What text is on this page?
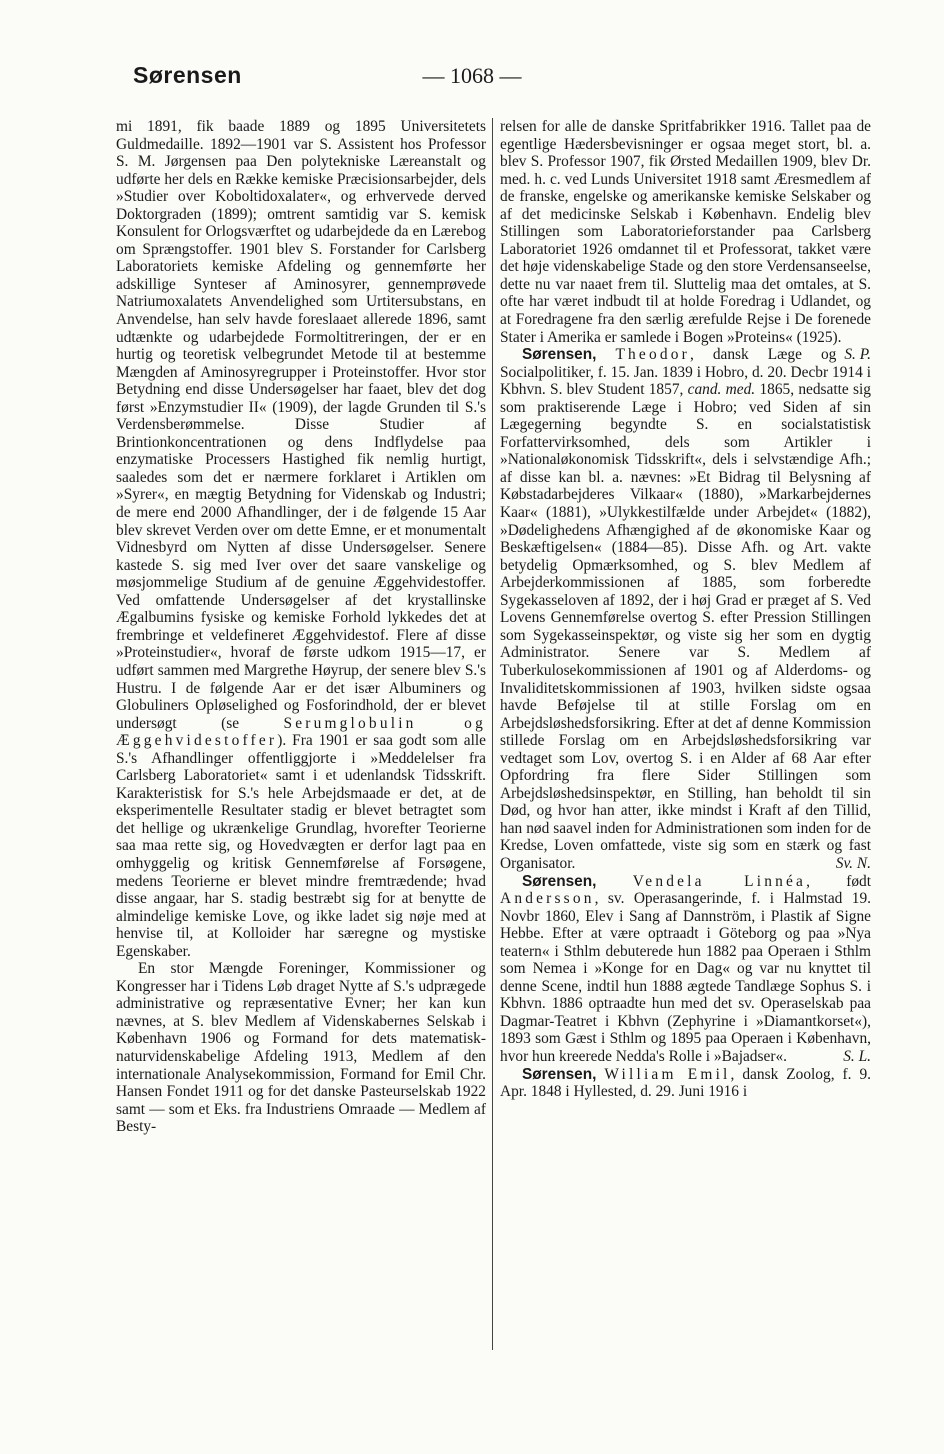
Sørensen	— 1068 —

mi 1891, fik baade 1889 og 1895 Universitetets Guldmedaille. 1892—1901 var S. Assistent hos Professor S. M. Jørgensen paa Den polytekniske Læreanstalt og udførte her dels en Række kemiske Præcisionsarbejder, dels »Studier over Koboltidoxalater«, og erhvervede derved Doktorgraden (1899); omtrent samtidig var S. kemisk Konsulent for Orlogsværftet og udarbejdede da en Lærebog om Sprængstoffer. 1901 blev S. Forstander for Carlsberg Laboratoriets kemiske Afdeling og gennemførte her adskillige Synteser af Aminosyrer, gennemprøvede Natriumoxalatets Anvendelighed som Urtitersubstans, en Anvendelse, han selv havde foreslaaet allerede 1896, samt udtænkte og udarbejdede Formoltitreringen, der er en hurtig og teoretisk velbegrundet Metode til at bestemme Mængden af Aminosyregrupper i Proteinstoffer. Hvor stor Betydning end disse Undersøgelser har faaet, blev det dog først »Enzymstudier II« (1909), der lagde Grunden til S.'s Verdensberømmelse. Disse Studier af Brintionkoncentrationen og dens Indflydelse paa enzymatiske Processers Hastighed fik nemlig hurtigt, saaledes som det er nærmere forklaret i Artiklen om »Syrer«, en mægtig Betydning for Videnskab og Industri; de mere end 2000 Afhandlinger, der i de følgende 15 Aar blev skrevet Verden over om dette Emne, er et monumentalt Vidnesbyrd om Nytten af disse Undersøgelser. Senere kastede S. sig med Iver over det saare vanskelige og møsjommelige Studium af de genuine Æggehvidestoffer. Ved omfattende Undersøgelser af det krystallinske Ægalbumins fysiske og kemiske Forhold lykkedes det at frembringe et veldefineret Æggehvidestof. Flere af disse »Proteinstudier«, hvoraf de første udkom 1915—17, er udført sammen med Margrethe Høyrup, der senere blev S.'s Hustru. I de følgende Aar er det især Albuminers og Globuliners Opløselighed og Fosforindhold, der er blevet undersøgt (se	Serumglobulin og Æggehvidestoffer). Fra 1901 er saa godt som alle S.'s Afhandlinger offentliggjorte i »Meddelelser fra Carlsberg Laboratoriet« samt i et udenlandsk Tidsskrift. Karakteristisk for S.'s hele Arbejdsmaade er det, at de eksperimentelle Resultater stadig er blevet betragtet som det hellige og ukrænkelige Grundlag, hvorefter Teorierne saa maa rette sig, og Hovedvægten er derfor lagt paa en omhyggelig og kritisk Gennemførelse af Forsøgene, medens Teorierne er blevet mindre fremtrædende; hvad disse angaar, har S. stadig bestræbt sig for at benytte de almindelige kemiske Love, og ikke ladet sig nøje med at henvise til, at Kolloider har særegne og mystiske Egenskaber.

En stor Mængde Foreninger, Kommissioner og Kongresser har i Tidens Løb draget Nytte af S.'s udprægede administrative og repræsentative Evner; her kan kun nævnes, at S. blev Medlem af Videnskabernes Selskab i København 1906 og Formand for dets matematisk-naturvidenskabelige Afdeling 1913, Medlem af den internationale Analysekommission, Formand for Emil Chr. Hansen Fondet 1911 og for det danske Pasteurselskab 1922 samt — som et Eks. fra Industriens Omraade — Medlem af Besty-

relsen for alle de danske Spritfabrikker 1916. Tallet paa de egentlige Hædersbevisninger er ogsaa meget stort, bl. a. blev S. Professor 1907, fik Ørsted Medaillen 1909, blev Dr. med. h. c. ved Lunds Universitet 1918 samt Æresmedlem af de franske, engelske og amerikanske kemiske Selskaber og af det medicinske Selskab i København. Endelig blev Stillingen som Laboratorieforstander paa Carlsberg Laboratoriet 1926 omdannet til et Professorat, takket være det høje videnskabelige Stade og den store Verdensanseelse, dette nu var naaet frem til. Sluttelig maa det omtales, at S. ofte har været indbudt til at holde Foredrag i Udlandet, og at Foredragene fra den særlig ærefulde Rejse i De forenede Stater i Amerika er samlede i Bogen »Proteins« (1925).
S. P.

Sørensen, Theodor, dansk Læge og Socialpolitiker, f. 15. Jan. 1839 i Hobro, d. 20. Decbr 1914 i Kbhvn. S. blev Student 1857, cand. med. 1865, nedsatte sig som praktiserende Læge i Hobro; ved Siden af sin Lægegerning begyndte S. en socialstatistisk Forfattervirksomhed, dels som Artikler i »Nationaløkonomisk Tidsskrift«, dels i selvstændige Afh.; af disse kan bl. a. nævnes: »Et Bidrag til Belysning af Købstadarbejderes Vilkaar« (1880), »Markarbejdernes Kaar« (1881), »Ulykkestilfælde under Arbejdet« (1882), »Dødelighedens Afhængighed af de økonomiske Kaar og Beskæftigelsen« (1884—85). Disse Afh. og Art. vakte betydelig Opmærksomhed, og S. blev Medlem af Arbejderkommissionen af 1885, som forberedte Sygekasseloven af 1892, der i høj Grad er præget af S. Ved Lovens Gennemførelse overtog S. efter Pression Stillingen som Sygekasseinspektør, og viste sig her som en dygtig Administrator. Senere var S. Medlem af Tuberkulosekommissionen af 1901 og af Alderdoms- og Invaliditetskommissionen af 1903, hvilken sidste ogsaa havde Beføjelse til at stille Forslag om en Arbejdsløshedsforsikring. Efter at det af denne Kommission stillede Forslag om en Arbejdsløshedsforsikring var vedtaget som Lov, overtog S. i en Alder af 68 Aar efter Opfordring fra flere Sider Stillingen som Arbejdsløshedsinspektør, en Stilling, han beholdt til sin Død, og hvor han atter, ikke mindst i Kraft af den Tillid, han nød saavel inden for Administrationen som inden for de Kredse, Loven omfattede, viste sig som en stærk og fast Organisator.	Sv. N.

Sørensen, Vendela Linnéa, født Andersson, sv. Operasangerinde, f. i Halmstad 19. Novbr 1860, Elev i Sang af Dannström, i Plastik af Signe Hebbe. Efter at være optraadt i Göteborg og paa »Nya teatern« i Sthlm debuterede hun 1882 paa Operaen i Sthlm som Nemea i »Konge for en Dag« og var nu knyttet til denne Scene, indtil hun 1888 ægtede Tandlæge Sophus S. i Kbhvn. 1886 optraadte hun med det sv. Operaselskab paa Dagmar-Teatret i Kbhvn (Zephyrine i »Diamantkorset«), 1893 som Gæst i Sthlm og 1895 paa Operaen i København, hvor hun kreerede Nedda's Rolle i »Bajadser«.	S. L.

Sørensen, William Emil, dansk Zoolog, f. 9. Apr. 1848 i Hyllested, d. 29. Juni 1916 i
